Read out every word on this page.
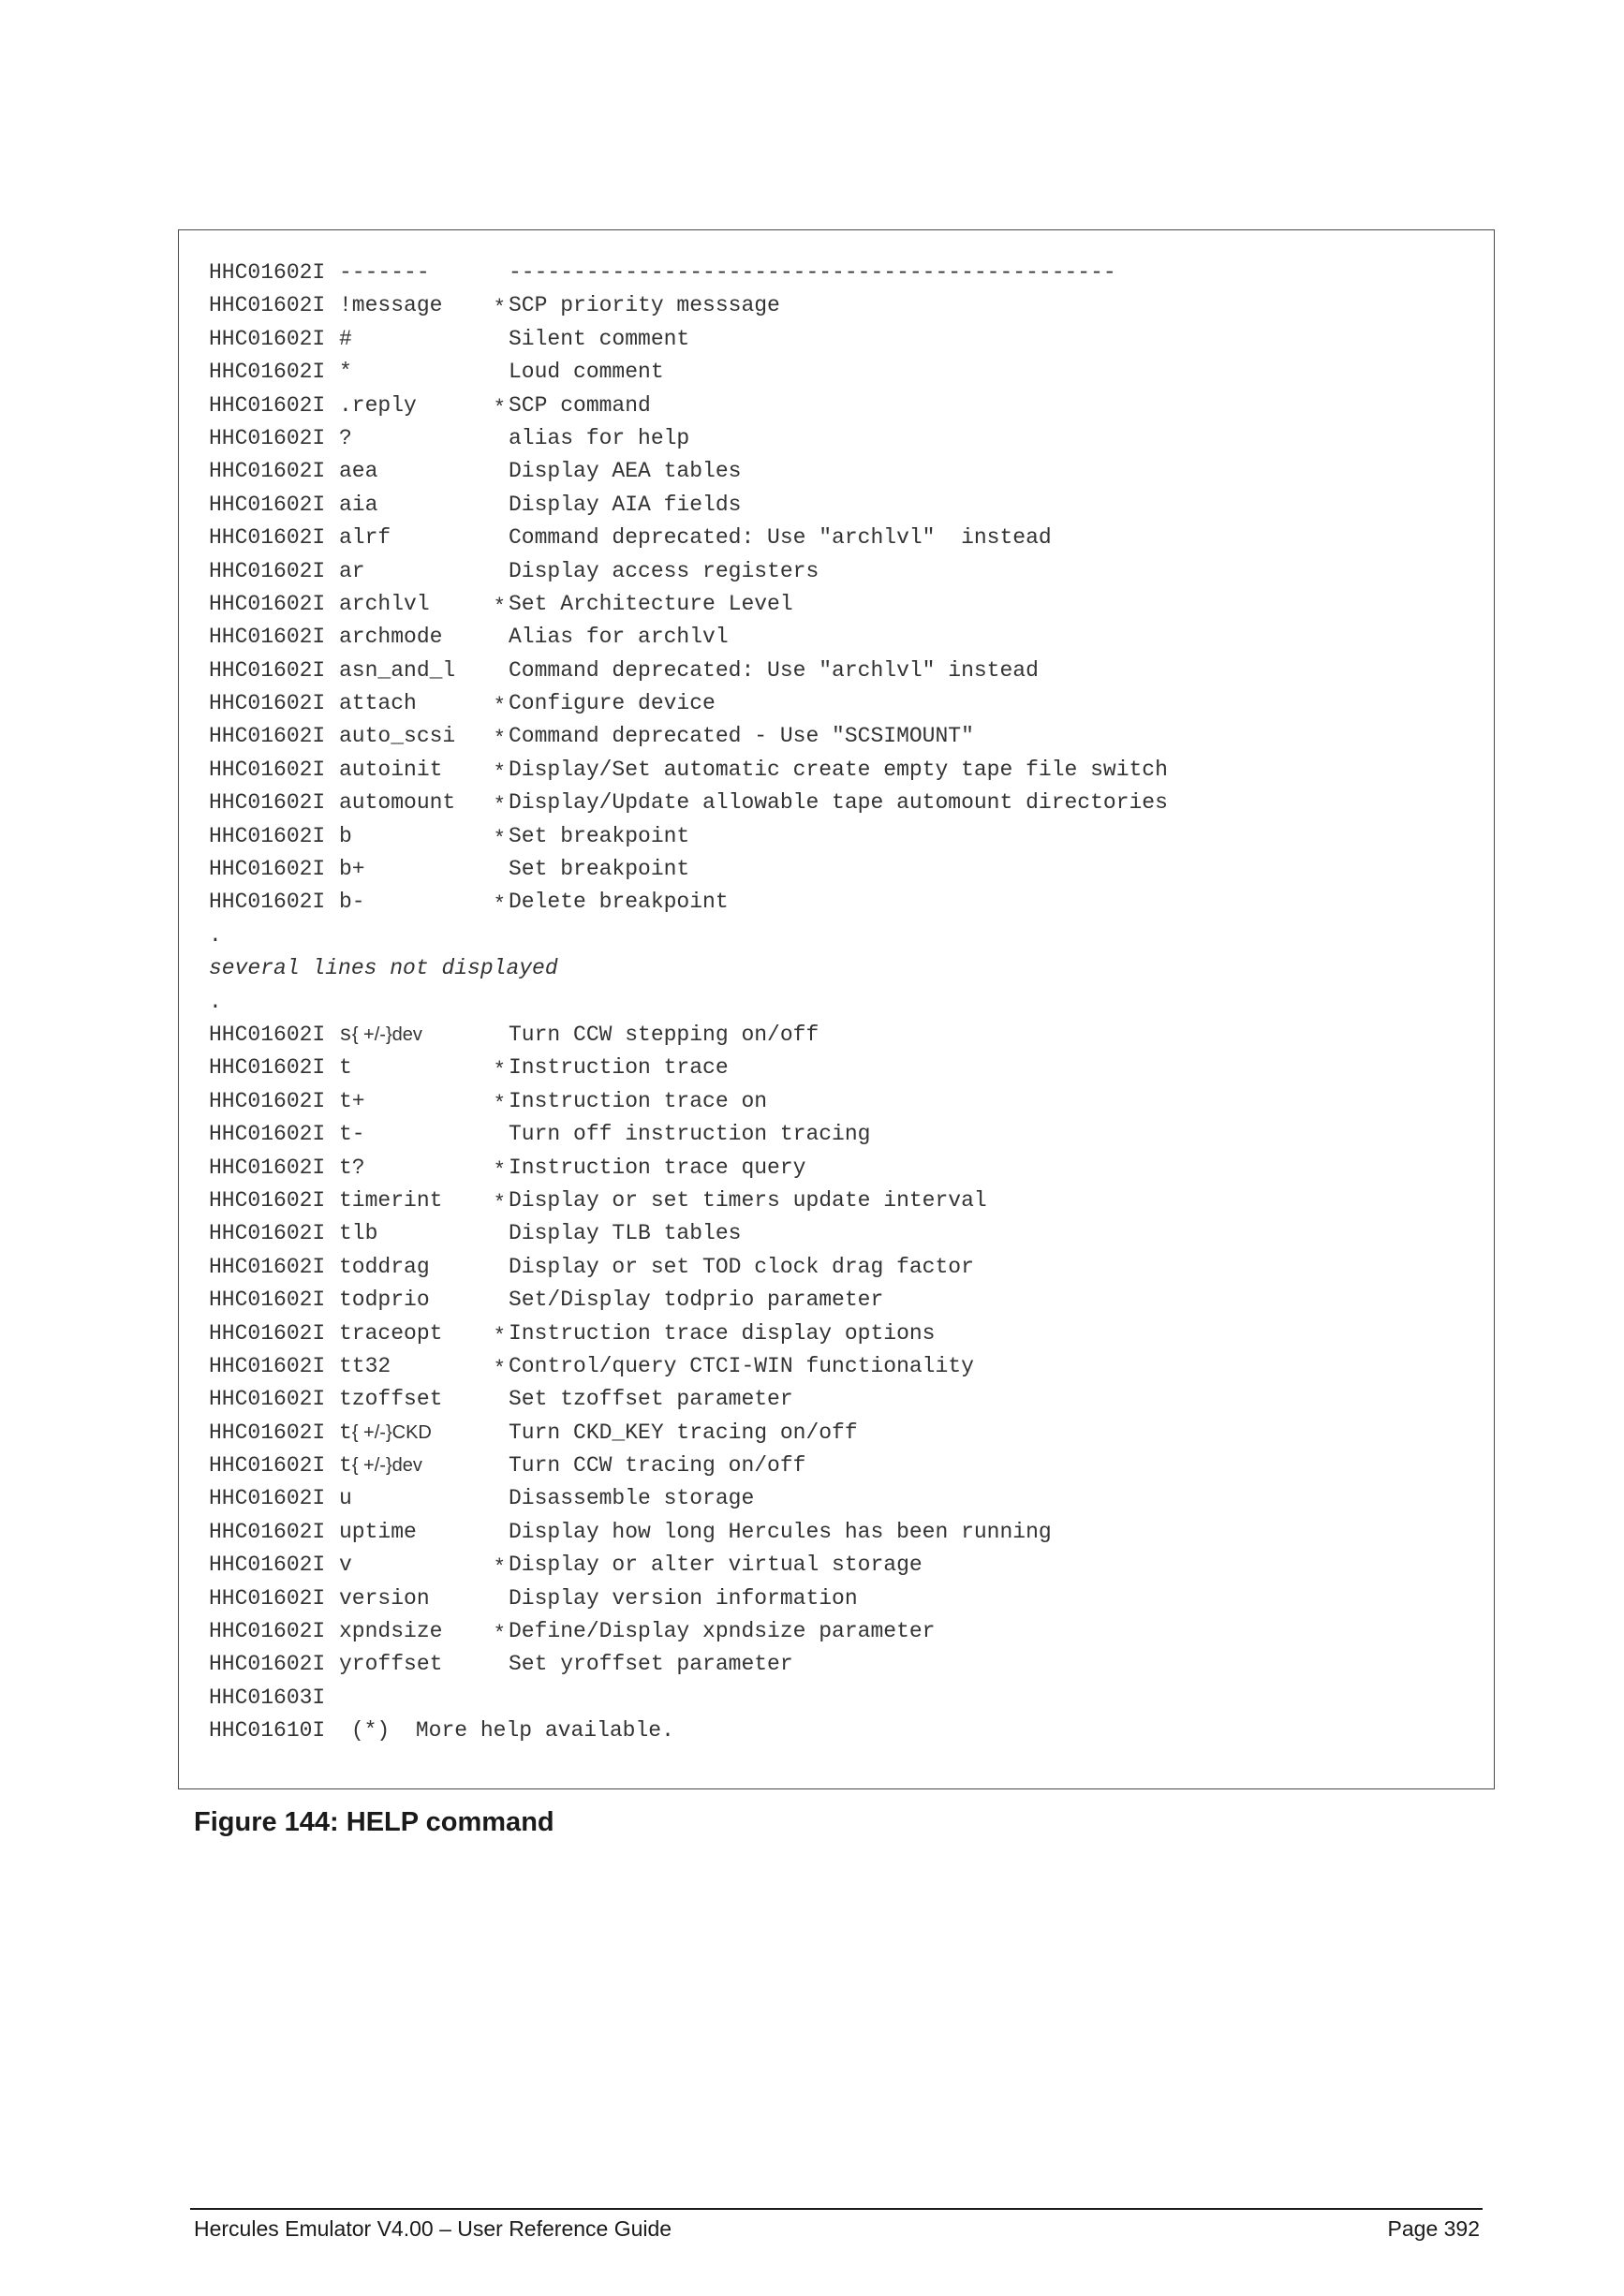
HHC01602I -------	-----------------------------------------------
HHC01602I !message	* SCP priority messsage
HHC01602I #	Silent comment
HHC01602I *	Loud comment
HHC01602I .reply	* SCP command
HHC01602I ?	alias for help
HHC01602I aea	Display AEA tables
HHC01602I aia	Display AIA fields
HHC01602I alrf	Command deprecated: Use "archlvl"  instead
HHC01602I ar	Display access registers
HHC01602I archlvl	* Set Architecture Level
HHC01602I archmode	Alias for archlvl
HHC01602I asn_and_l Command deprecated: Use "archlvl" instead
HHC01602I attach	* Configure device
HHC01602I auto_scsi * Command deprecated - Use "SCSIMOUNT"
HHC01602I autoinit	* Display/Set automatic create empty tape file switch
HHC01602I automount * Display/Update allowable tape automount directories
HHC01602I b	* Set breakpoint
HHC01602I b+	Set breakpoint
HHC01602I b-	* Delete breakpoint
.
several lines not displayed
.
HHC01602I s{ +/-}dev	Turn CCW stepping on/off
HHC01602I t	* Instruction trace
HHC01602I t+	* Instruction trace on
HHC01602I t-	Turn off instruction tracing
HHC01602I t?	* Instruction trace query
HHC01602I timerint	* Display or set timers update interval
HHC01602I tlb	Display TLB tables
HHC01602I toddrag	Display or set TOD clock drag factor
HHC01602I todprio	Set/Display todprio parameter
HHC01602I traceopt	* Instruction trace display options
HHC01602I tt32	* Control/query CTCI-WIN functionality
HHC01602I tzoffset	Set tzoffset parameter
HHC01602I t{ +/-}CKD	Turn CKD_KEY tracing on/off
HHC01602I t{ +/-}dev	Turn CCW tracing on/off
HHC01602I u	Disassemble storage
HHC01602I uptime	Display how long Hercules has been running
HHC01602I v	* Display or alter virtual storage
HHC01602I version	Display version information
HHC01602I xpndsize	* Define/Display xpndsize parameter
HHC01602I yroffset	Set yroffset parameter
HHC01603I
HHC01610I  (*)  More help available.
Figure 144: HELP command
Hercules Emulator V4.00 – User Reference Guide	Page 392
